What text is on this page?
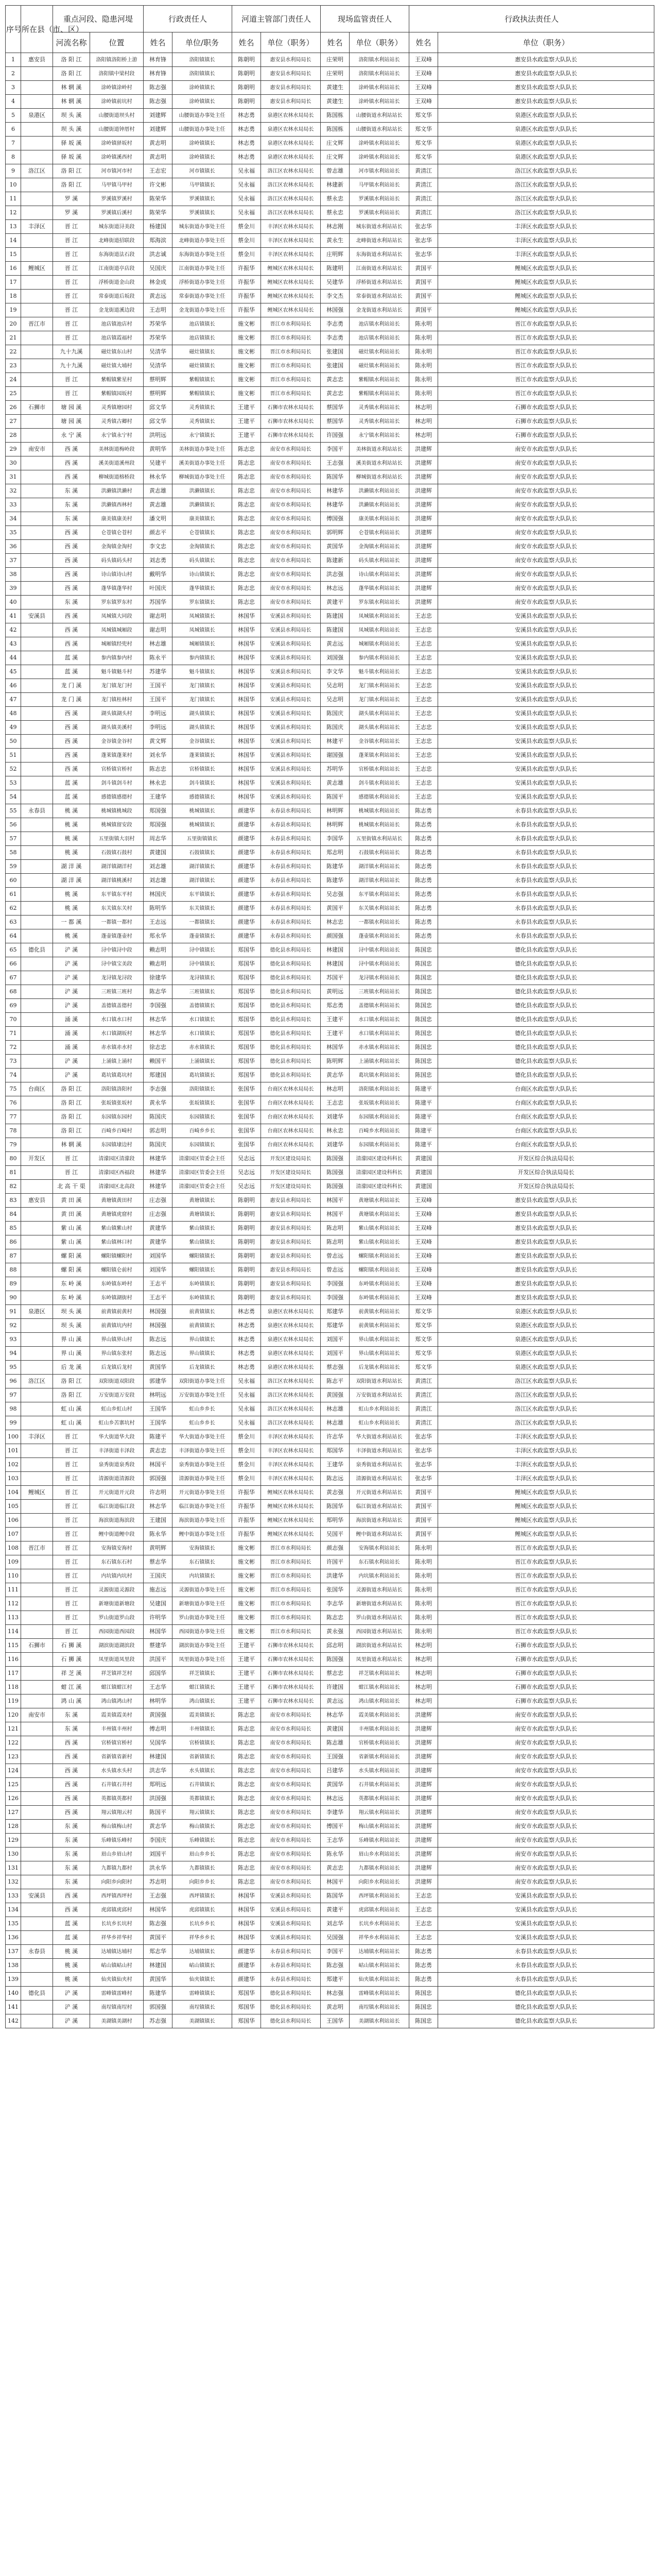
序号	所在县（市、区）	重点河段、隐患河堤		行政责任人		河道主管部门责任人		现场监管责任人		行政执法责任人	
		河流名称	位置	姓名	单位/职务	姓名	单位（职务）	姓名	单位（职务）	姓名	单位（职务）
1	惠安县	洛 阳 江	洛阳镇洛阳桥上游	林育锋	洛阳镇镇长	陈朝明	惠安县水利局局长	庄荣明	洛阳镇水利站站长	王双峰	惠安县水政监察大队队长
2		洛 阳 江	洛阳镇中梁村段	林育锋	洛阳镇镇长	陈朝明	惠安县水利局局长	庄荣明	洛阳镇水利站站长	王双峰	惠安县水政监察大队队长
3		林 辋 溪	涂岭镇涂岭村	陈志强	涂岭镇镇长	陈朝明	惠安县水利局局长	黄建生	涂岭镇水利站站长	王双峰	惠安县水政监察大队队长
4		林 辋 溪	涂岭镇前坑村	陈志强	涂岭镇镇长	陈朝明	惠安县水利局局长	黄建生	涂岭镇水利站站长	王双峰	惠安县水政监察大队队长
5	泉港区	坝 头 溪	山腰街道坝头村	刘建辉	山腰街道办事处主任	林志勇	泉港区农林水局局长	陈国栋	山腰街道水利站站长	郑文华	泉港区水政监察大队队长
6		坝 头 溪	山腰街道钟厝村	刘建辉	山腰街道办事处主任	林志勇	泉港区农林水局局长	陈国栋	山腰街道水利站站长	郑文华	泉港区水政监察大队队长
7		驿 坂 溪	涂岭镇驿坂村	黄志明	涂岭镇镇长	林志勇	泉港区农林水局局长	庄文辉	涂岭镇水利站站长	郑文华	泉港区水政监察大队队长
8		驿 坂 溪	涂岭镇溪西村	黄志明	涂岭镇镇长	林志勇	泉港区农林水局局长	庄文辉	涂岭镇水利站站长	郑文华	泉港区水政监察大队队长
9	洛江区	洛 阳 江	河市镇河市村	王志宏	河市镇镇长	吴永福	洛江区农林水局局长	曾志雄	河市镇水利站站长	黄清江	洛江区水政监察大队队长
10		洛 阳 江	马甲镇马甲村	许文彬	马甲镇镇长	吴永福	洛江区农林水局局长	林建新	马甲镇水利站站长	黄清江	洛江区水政监察大队队长
11		罗 溪	罗溪镇罗溪村	陈荣华	罗溪镇镇长	吴永福	洛江区农林水局局长	蔡永忠	罗溪镇水利站站长	黄清江	洛江区水政监察大队队长
12		罗 溪	罗溪镇后溪村	陈荣华	罗溪镇镇长	吴永福	洛江区农林水局局长	蔡永忠	罗溪镇水利站站长	黄清江	洛江区水政监察大队队长
13	丰泽区	晋 江	城东街道浔美段	杨建国	城东街道办事处主任	蔡金川	丰泽区农林水局局长	林志刚	城东街道水利站站长	张志华	丰泽区水政监察大队队长
14		晋 江	北峰街道招联段	郑海滨	北峰街道办事处主任	蔡金川	丰泽区农林水局局长	黄永生	北峰街道水利站站长	张志华	丰泽区水政监察大队队长
15		晋 江	东海街道法石段	洪志诚	东海街道办事处主任	蔡金川	丰泽区农林水局局长	庄明辉	东海街道水利站站长	张志华	丰泽区水政监察大队队长
16	鲤城区	晋 江	江南街道亭店段	吴国庆	江南街道办事处主任	许振华	鲤城区农林水局局长	陈建明	江南街道水利站站长	黄国平	鲤城区水政监察大队队长
17		晋 江	浮桥街道金山段	林金成	浮桥街道办事处主任	许振华	鲤城区农林水局局长	吴建华	浮桥街道水利站站长	黄国平	鲤城区水政监察大队队长
18		晋 江	常泰街道后坂段	黄志远	常泰街道办事处主任	许振华	鲤城区农林水局局长	李文杰	常泰街道水利站站长	黄国平	鲤城区水政监察大队队长
19		晋 江	金龙街道溪边段	王志明	金龙街道办事处主任	许振华	鲤城区农林水局局长	林国强	金龙街道水利站站长	黄国平	鲤城区水政监察大队队长
20	晋江市	晋 江	池店镇池店村	苏荣华	池店镇镇长	施文彬	晋江市水利局局长	李志勇	池店镇水利站站长	陈永明	晋江市水政监察大队队长
21		晋 江	池店镇霞福村	苏荣华	池店镇镇长	施文彬	晋江市水利局局长	李志勇	池店镇水利站站长	陈永明	晋江市水政监察大队队长
22		九十九溪	磁灶镇东山村	吴清华	磁灶镇镇长	施文彬	晋江市水利局局长	张建国	磁灶镇水利站站长	陈永明	晋江市水政监察大队队长
23		九十九溪	磁灶镇大埔村	吴清华	磁灶镇镇长	施文彬	晋江市水利局局长	张建国	磁灶镇水利站站长	陈永明	晋江市水政监察大队队长
24		晋 江	紫帽镇紫星村	蔡明辉	紫帽镇镇长	施文彬	晋江市水利局局长	黄志忠	紫帽镇水利站站长	陈永明	晋江市水政监察大队队长
25		晋 江	紫帽镇园坂村	蔡明辉	紫帽镇镇长	施文彬	晋江市水利局局长	黄志忠	紫帽镇水利站站长	陈永明	晋江市水政监察大队队长
26	石狮市	塘 园 溪	灵秀镇塘园村	邱文华	灵秀镇镇长	王建平	石狮市农林水局局长	蔡国华	灵秀镇水利站站长	林志明	石狮市水政监察大队队长
27		塘 园 溪	灵秀镇古卿村	邱文华	灵秀镇镇长	王建平	石狮市农林水局局长	蔡国华	灵秀镇水利站站长	林志明	石狮市水政监察大队队长
28		永 宁 溪	永宁镇永宁村	洪明远	永宁镇镇长	王建平	石狮市农林水局局长	许国强	永宁镇水利站站长	林志明	石狮市水政监察大队队长
29	南安市	西 溪	美林街道梅岭段	黄明华	美林街道办事处主任	陈志忠	南安市水利局局长	李国平	美林街道水利站站长	洪建辉	南安市水政监察大队队长
30		西 溪	溪美街道溪州段	吴建平	溪美街道办事处主任	陈志忠	南安市水利局局长	王志强	溪美街道水利站站长	洪建辉	南安市水政监察大队队长
31		西 溪	柳城街道榕桥段	林永华	柳城街道办事处主任	陈志忠	南安市水利局局长	陈国华	柳城街道水利站站长	洪建辉	南安市水政监察大队队长
32		东 溪	洪濑镇洪濑村	黄志雄	洪濑镇镇长	陈志忠	南安市水利局局长	林建华	洪濑镇水利站站长	洪建辉	南安市水政监察大队队长
33		东 溪	洪濑镇西林村	黄志雄	洪濑镇镇长	陈志忠	南安市水利局局长	林建华	洪濑镇水利站站长	洪建辉	南安市水政监察大队队长
34		东 溪	康美镇康美村	潘文明	康美镇镇长	陈志忠	南安市水利局局长	傅国强	康美镇水利站站长	洪建辉	南安市水政监察大队队长
35		西 溪	仑苍镇仑苍村	颜志平	仑苍镇镇长	陈志忠	南安市水利局局长	郭明辉	仑苍镇水利站站长	洪建辉	南安市水政监察大队队长
36		西 溪	金淘镇金淘村	李文忠	金淘镇镇长	陈志忠	南安市水利局局长	黄国华	金淘镇水利站站长	洪建辉	南安市水政监察大队队长
37		西 溪	码头镇码头村	刘志勇	码头镇镇长	陈志忠	南安市水利局局长	陈建新	码头镇水利站站长	洪建辉	南安市水政监察大队队长
38		西 溪	诗山镇诗山村	戴明华	诗山镇镇长	陈志忠	南安市水利局局长	洪志强	诗山镇水利站站长	洪建辉	南安市水政监察大队队长
39		西 溪	蓬华镇蓬华村	叶国庆	蓬华镇镇长	陈志忠	南安市水利局局长	林志远	蓬华镇水利站站长	洪建辉	南安市水政监察大队队长
40		东 溪	罗东镇罗东村	苏国华	罗东镇镇长	陈志忠	南安市水利局局长	黄建平	罗东镇水利站站长	洪建辉	南安市水政监察大队队长
41	安溪县	西 溪	凤城镇大同段	谢志明	凤城镇镇长	林国华	安溪县水利局局长	陈建国	凤城镇水利站站长	王志忠	安溪县水政监察大队队长
42		西 溪	凤城镇城厢段	谢志明	凤城镇镇长	林国华	安溪县水利局局长	陈建国	凤城镇水利站站长	王志忠	安溪县水政监察大队队长
43		西 溪	城厢镇经兜村	林志雄	城厢镇镇长	林国华	安溪县水利局局长	黄志远	城厢镇水利站站长	王志忠	安溪县水政监察大队队长
44		蓝 溪	参内镇参内村	陈永平	参内镇镇长	林国华	安溪县水利局局长	刘国强	参内镇水利站站长	王志忠	安溪县水政监察大队队长
45		蓝 溪	魁斗镇魁斗村	苏建华	魁斗镇镇长	林国华	安溪县水利局局长	李文华	魁斗镇水利站站长	王志忠	安溪县水政监察大队队长
46		龙 门 溪	龙门镇龙门村	王国平	龙门镇镇长	林国华	安溪县水利局局长	吴志明	龙门镇水利站站长	王志忠	安溪县水政监察大队队长
47		龙 门 溪	龙门镇桂林村	王国平	龙门镇镇长	林国华	安溪县水利局局长	吴志明	龙门镇水利站站长	王志忠	安溪县水政监察大队队长
48		西 溪	湖头镇湖头村	李明远	湖头镇镇长	林国华	安溪县水利局局长	陈国庆	湖头镇水利站站长	王志忠	安溪县水政监察大队队长
49		西 溪	湖头镇美溪村	李明远	湖头镇镇长	林国华	安溪县水利局局长	陈国庆	湖头镇水利站站长	王志忠	安溪县水政监察大队队长
50		西 溪	金谷镇金谷村	黄文辉	金谷镇镇长	林国华	安溪县水利局局长	林建平	金谷镇水利站站长	王志忠	安溪县水政监察大队队长
51		西 溪	蓬莱镇蓬莱村	刘永华	蓬莱镇镇长	林国华	安溪县水利局局长	谢国强	蓬莱镇水利站站长	王志忠	安溪县水政监察大队队长
52		西 溪	官桥镇官桥村	陈志忠	官桥镇镇长	林国华	安溪县水利局局长	苏明华	官桥镇水利站站长	王志忠	安溪县水政监察大队队长
53		蓝 溪	剑斗镇剑斗村	林永忠	剑斗镇镇长	林国华	安溪县水利局局长	黄志雄	剑斗镇水利站站长	王志忠	安溪县水政监察大队队长
54		蓝 溪	感德镇感德村	王建华	感德镇镇长	林国华	安溪县水利局局长	陈国平	感德镇水利站站长	王志忠	安溪县水政监察大队队长
55	永春县	桃 溪	桃城镇桃城段	郑国强	桃城镇镇长	颜建华	永春县水利局局长	林明辉	桃城镇水利站站长	陈志勇	永春县水政监察大队队长
56		桃 溪	桃城镇留安段	郑国强	桃城镇镇长	颜建华	永春县水利局局长	林明辉	桃城镇水利站站长	陈志勇	永春县水政监察大队队长
57		桃 溪	五里街镇大羽村	周志华	五里街镇镇长	颜建华	永春县水利局局长	李国华	五里街镇水利站站长	陈志勇	永春县水政监察大队队长
58		桃 溪	石鼓镇石鼓村	黄建国	石鼓镇镇长	颜建华	永春县水利局局长	郑志明	石鼓镇水利站站长	陈志勇	永春县水政监察大队队长
59		湖 洋 溪	湖洋镇湖洋村	刘志雄	湖洋镇镇长	颜建华	永春县水利局局长	陈建华	湖洋镇水利站站长	陈志勇	永春县水政监察大队队长
60		湖 洋 溪	湖洋镇桃溪村	刘志雄	湖洋镇镇长	颜建华	永春县水利局局长	陈建华	湖洋镇水利站站长	陈志勇	永春县水政监察大队队长
61		桃 溪	东平镇东平村	林国庆	东平镇镇长	颜建华	永春县水利局局长	吴志强	东平镇水利站站长	陈志勇	永春县水政监察大队队长
62		桃 溪	东关镇东关村	陈明华	东关镇镇长	颜建华	永春县水利局局长	黄国平	东关镇水利站站长	陈志勇	永春县水政监察大队队长
63		一 都 溪	一都镇一都村	王志远	一都镇镇长	颜建华	永春县水利局局长	林志忠	一都镇水利站站长	陈志勇	永春县水政监察大队队长
64		桃 溪	蓬壶镇蓬壶村	郑永华	蓬壶镇镇长	颜建华	永春县水利局局长	颜国强	蓬壶镇水利站站长	陈志勇	永春县水政监察大队队长
65	德化县	浐 溪	浔中镇浔中段	赖志明	浔中镇镇长	郑国华	德化县水利局局长	林建国	浔中镇水利站站长	陈国忠	德化县水政监察大队队长
66		浐 溪	浔中镇宝美段	赖志明	浔中镇镇长	郑国华	德化县水利局局长	林建国	浔中镇水利站站长	陈国忠	德化县水政监察大队队长
67		浐 溪	龙浔镇龙浔段	徐建华	龙浔镇镇长	郑国华	德化县水利局局长	苏国平	龙浔镇水利站站长	陈国忠	德化县水政监察大队队长
68		浐 溪	三班镇三班村	陈志华	三班镇镇长	郑国华	德化县水利局局长	黄明远	三班镇水利站站长	陈国忠	德化县水政监察大队队长
69		浐 溪	盖德镇盖德村	李国强	盖德镇镇长	郑国华	德化县水利局局长	郑志勇	盖德镇水利站站长	陈国忠	德化县水政监察大队队长
70		涌 溪	水口镇水口村	林志华	水口镇镇长	郑国华	德化县水利局局长	王建平	水口镇水利站站长	陈国忠	德化县水政监察大队队长
71		涌 溪	水口镇湖坂村	林志华	水口镇镇长	郑国华	德化县水利局局长	王建平	水口镇水利站站长	陈国忠	德化县水政监察大队队长
72		涌 溪	赤水镇赤水村	徐志忠	赤水镇镇长	郑国华	德化县水利局局长	林国华	赤水镇水利站站长	陈国忠	德化县水政监察大队队长
73		浐 溪	上涌镇上涌村	赖国平	上涌镇镇长	郑国华	德化县水利局局长	陈明辉	上涌镇水利站站长	陈国忠	德化县水政监察大队队长
74		浐 溪	葛坑镇葛坑村	郑建国	葛坑镇镇长	郑国华	德化县水利局局长	黄志华	葛坑镇水利站站长	陈国忠	德化县水政监察大队队长
75	台商区	洛 阳 江	洛阳镇洛阳村	李志强	洛阳镇镇长	张国华	台商区农林水局局长	林志明	洛阳镇水利站站长	陈建平	台商区水政监察大队队长
76		洛 阳 江	张坂镇张坂村	黄永华	张坂镇镇长	张国华	台商区农林水局局长	王志忠	张坂镇水利站站长	陈建平	台商区水政监察大队队长
77		洛 阳 江	东园镇东园村	陈国庆	东园镇镇长	张国华	台商区农林水局局长	刘建华	东园镇水利站站长	陈建平	台商区水政监察大队队长
78		洛 阳 江	百崎乡百崎村	郭志明	百崎乡乡长	张国华	台商区农林水局局长	林永忠	百崎乡水利站站长	陈建平	台商区水政监察大队队长
79		林 辋 溪	东园镇埭边村	陈国庆	东园镇镇长	张国华	台商区农林水局局长	刘建华	东园镇水利站站长	陈建平	台商区水政监察大队队长
80	开发区	晋 江	清濛园区清濛段	林建华	清濛园区管委会主任	吴志远	开发区建设局局长	陈国强	清濛园区建设科科长	黄建国	开发区综合执法局局长
81		晋 江	清濛园区西福段	林建华	清濛园区管委会主任	吴志远	开发区建设局局长	陈国强	清濛园区建设科科长	黄建国	开发区综合执法局局长
82		北 高 干 渠	清濛园区北高段	林建华	清濛园区管委会主任	吴志远	开发区建设局局长	陈国强	清濛园区建设科科长	黄建国	开发区综合执法局局长
83	惠安县	黄 田 溪	黄塘镇黄田村	庄志强	黄塘镇镇长	陈朝明	惠安县水利局局长	林国平	黄塘镇水利站站长	王双峰	惠安县水政监察大队队长
84		黄 田 溪	黄塘镇虎窟村	庄志强	黄塘镇镇长	陈朝明	惠安县水利局局长	林国平	黄塘镇水利站站长	王双峰	惠安县水政监察大队队长
85		紫 山 溪	紫山镇紫山村	黄建华	紫山镇镇长	陈朝明	惠安县水利局局长	陈志明	紫山镇水利站站长	王双峰	惠安县水政监察大队队长
86		紫 山 溪	紫山镇林口村	黄建华	紫山镇镇长	陈朝明	惠安县水利局局长	陈志明	紫山镇水利站站长	王双峰	惠安县水政监察大队队长
87		螺 阳 溪	螺阳镇螺阳村	刘国华	螺阳镇镇长	陈朝明	惠安县水利局局长	曾志远	螺阳镇水利站站长	王双峰	惠安县水政监察大队队长
88		螺 阳 溪	螺阳镇仑前村	刘国华	螺阳镇镇长	陈朝明	惠安县水利局局长	曾志远	螺阳镇水利站站长	王双峰	惠安县水政监察大队队长
89		东 岭 溪	东岭镇东岭村	王志平	东岭镇镇长	陈朝明	惠安县水利局局长	李国强	东岭镇水利站站长	王双峰	惠安县水政监察大队队长
90		东 岭 溪	东岭镇湖街村	王志平	东岭镇镇长	陈朝明	惠安县水利局局长	李国强	东岭镇水利站站长	王双峰	惠安县水政监察大队队长
91	泉港区	坝 头 溪	前黄镇前黄村	林国强	前黄镇镇长	林志勇	泉港区农林水局局长	郑建华	前黄镇水利站站长	郑文华	泉港区水政监察大队队长
92		坝 头 溪	前黄镇坑内村	林国强	前黄镇镇长	林志勇	泉港区农林水局局长	郑建华	前黄镇水利站站长	郑文华	泉港区水政监察大队队长
93		界 山 溪	界山镇界山村	陈志远	界山镇镇长	林志勇	泉港区农林水局局长	刘国平	界山镇水利站站长	郑文华	泉港区水政监察大队队长
94		界 山 溪	界山镇东张村	陈志远	界山镇镇长	林志勇	泉港区农林水局局长	刘国平	界山镇水利站站长	郑文华	泉港区水政监察大队队长
95		后 龙 溪	后龙镇后龙村	黄国华	后龙镇镇长	林志勇	泉港区农林水局局长	蔡志强	后龙镇水利站站长	郑文华	泉港区水政监察大队队长
96	洛江区	洛 阳 江	双阳街道双阳段	郭建华	双阳街道办事处主任	吴永福	洛江区农林水局局长	陈志平	双阳街道水利站站长	黄清江	洛江区水政监察大队队长
97		洛 阳 江	万安街道万安段	林明远	万安街道办事处主任	吴永福	洛江区农林水局局长	黄国强	万安街道水利站站长	黄清江	洛江区水政监察大队队长
98		虹 山 溪	虹山乡虹山村	王国华	虹山乡乡长	吴永福	洛江区农林水局局长	林志雄	虹山乡水利站站长	黄清江	洛江区水政监察大队队长
99		虹 山 溪	虹山乡苦寨坑村	王国华	虹山乡乡长	吴永福	洛江区农林水局局长	林志雄	虹山乡水利站站长	黄清江	洛江区水政监察大队队长
100	丰泽区	晋 江	华大街道华大段	陈建平	华大街道办事处主任	蔡金川	丰泽区农林水局局长	许志华	华大街道水利站站长	张志华	丰泽区水政监察大队队长
101		晋 江	丰泽街道丰泽段	黄志忠	丰泽街道办事处主任	蔡金川	丰泽区农林水局局长	郑国华	丰泽街道水利站站长	张志华	丰泽区水政监察大队队长
102		晋 江	泉秀街道泉秀段	林国平	泉秀街道办事处主任	蔡金川	丰泽区农林水局局长	王建华	泉秀街道水利站站长	张志华	丰泽区水政监察大队队长
103		晋 江	清源街道清源段	郭国强	清源街道办事处主任	蔡金川	丰泽区农林水局局长	陈志远	清源街道水利站站长	张志华	丰泽区水政监察大队队长
104	鲤城区	晋 江	开元街道开元段	许志明	开元街道办事处主任	许振华	鲤城区农林水局局长	黄志强	开元街道水利站站长	黄国平	鲤城区水政监察大队队长
105		晋 江	临江街道临江段	林志华	临江街道办事处主任	许振华	鲤城区农林水局局长	陈国华	临江街道水利站站长	黄国平	鲤城区水政监察大队队长
106		晋 江	海滨街道海滨段	王建国	海滨街道办事处主任	许振华	鲤城区农林水局局长	郑明华	海滨街道水利站站长	黄国平	鲤城区水政监察大队队长
107		晋 江	鲤中街道鲤中段	陈永华	鲤中街道办事处主任	许振华	鲤城区农林水局局长	吴国平	鲤中街道水利站站长	黄国平	鲤城区水政监察大队队长
108	晋江市	晋 江	安海镇安海村	黄明辉	安海镇镇长	施文彬	晋江市水利局局长	颜志强	安海镇水利站站长	陈永明	晋江市水政监察大队队长
109		晋 江	东石镇东石村	蔡志华	东石镇镇长	施文彬	晋江市水利局局长	许国平	东石镇水利站站长	陈永明	晋江市水政监察大队队长
110		晋 江	内坑镇内坑村	王国庆	内坑镇镇长	施文彬	晋江市水利局局长	洪建华	内坑镇水利站站长	陈永明	晋江市水政监察大队队长
111		晋 江	灵源街道灵源段	施志远	灵源街道办事处主任	施文彬	晋江市水利局局长	张国华	灵源街道水利站站长	陈永明	晋江市水政监察大队队长
112		晋 江	新塘街道新塘段	吴建国	新塘街道办事处主任	施文彬	晋江市水利局局长	李志华	新塘街道水利站站长	陈永明	晋江市水政监察大队队长
113		晋 江	罗山街道罗山段	许明华	罗山街道办事处主任	施文彬	晋江市水利局局长	陈志忠	罗山街道水利站站长	陈永明	晋江市水政监察大队队长
114		晋 江	西园街道西园段	林国华	西园街道办事处主任	施文彬	晋江市水利局局长	黄永强	西园街道水利站站长	陈永明	晋江市水政监察大队队长
115	石狮市	石 狮 溪	湖滨街道湖滨段	蔡建华	湖滨街道办事处主任	王建平	石狮市农林水局局长	邱志明	湖滨街道水利站站长	林志明	石狮市水政监察大队队长
116		石 狮 溪	凤里街道凤里段	洪国平	凤里街道办事处主任	王建平	石狮市农林水局局长	陈国强	凤里街道水利站站长	林志明	石狮市水政监察大队队长
117		祥 芝 溪	祥芝镇祥芝村	邱国华	祥芝镇镇长	王建平	石狮市农林水局局长	蔡志忠	祥芝镇水利站站长	林志明	石狮市水政监察大队队长
118		蚶 江 溪	蚶江镇蚶江村	王志华	蚶江镇镇长	王建平	石狮市农林水局局长	许建国	蚶江镇水利站站长	林志明	石狮市水政监察大队队长
119		鸿 山 溪	鸿山镇鸿山村	林明华	鸿山镇镇长	王建平	石狮市农林水局局长	黄志远	鸿山镇水利站站长	林志明	石狮市水政监察大队队长
120	南安市	东 溪	霞美镇霞美村	黄国强	霞美镇镇长	陈志忠	南安市水利局局长	林志华	霞美镇水利站站长	洪建辉	南安市水政监察大队队长
121		东 溪	丰州镇丰州村	傅志明	丰州镇镇长	陈志忠	南安市水利局局长	黄建国	丰州镇水利站站长	洪建辉	南安市水政监察大队队长
122		西 溪	官桥镇官桥村	吴国华	官桥镇镇长	陈志忠	南安市水利局局长	陈志雄	官桥镇水利站站长	洪建辉	南安市水政监察大队队长
123		西 溪	省新镇省新村	林建国	省新镇镇长	陈志忠	南安市水利局局长	王国强	省新镇水利站站长	洪建辉	南安市水政监察大队队长
124		西 溪	水头镇水头村	洪志华	水头镇镇长	陈志忠	南安市水利局局长	吕建华	水头镇水利站站长	洪建辉	南安市水政监察大队队长
125		西 溪	石井镇石井村	郑明远	石井镇镇长	陈志忠	南安市水利局局长	黄国华	石井镇水利站站长	洪建辉	南安市水政监察大队队长
126		西 溪	英都镇英都村	洪国强	英都镇镇长	陈志忠	南安市水利局局长	林志远	英都镇水利站站长	洪建辉	南安市水政监察大队队长
127		西 溪	翔云镇翔云村	陈国平	翔云镇镇长	陈志忠	南安市水利局局长	李建华	翔云镇水利站站长	洪建辉	南安市水政监察大队队长
128		东 溪	梅山镇梅山村	黄志华	梅山镇镇长	陈志忠	南安市水利局局长	傅国平	梅山镇水利站站长	洪建辉	南安市水政监察大队队长
129		东 溪	乐峰镇乐峰村	李国庆	乐峰镇镇长	陈志忠	南安市水利局局长	王志华	乐峰镇水利站站长	洪建辉	南安市水政监察大队队长
130		东 溪	眉山乡眉山村	刘国平	眉山乡乡长	陈志忠	南安市水利局局长	陈永华	眉山乡水利站站长	洪建辉	南安市水政监察大队队长
131		东 溪	九都镇九都村	洪永华	九都镇镇长	陈志忠	南安市水利局局长	黄志忠	九都镇水利站站长	洪建辉	南安市水政监察大队队长
132		东 溪	向阳乡向阳村	苏志明	向阳乡乡长	陈志忠	南安市水利局局长	林国平	向阳乡水利站站长	洪建辉	南安市水政监察大队队长
133	安溪县	西 溪	西坪镇西坪村	王志强	西坪镇镇长	林国华	安溪县水利局局长	陈国华	西坪镇水利站站长	王志忠	安溪县水政监察大队队长
134		西 溪	虎邱镇虎邱村	林国华	虎邱镇镇长	林国华	安溪县水利局局长	黄建平	虎邱镇水利站站长	王志忠	安溪县水政监察大队队长
135		蓝 溪	长坑乡长坑村	陈志强	长坑乡乡长	林国华	安溪县水利局局长	刘志华	长坑乡水利站站长	王志忠	安溪县水政监察大队队长
136		蓝 溪	祥华乡祥华村	黄国平	祥华乡乡长	林国华	安溪县水利局局长	吴国强	祥华乡水利站站长	王志忠	安溪县水政监察大队队长
137	永春县	桃 溪	达埔镇达埔村	郑志华	达埔镇镇长	颜建华	永春县水利局局长	李国平	达埔镇水利站站长	陈志勇	永春县水政监察大队队长
138		桃 溪	岵山镇岵山村	林建国	岵山镇镇长	颜建华	永春县水利局局长	陈志强	岵山镇水利站站长	陈志勇	永春县水政监察大队队长
139		桃 溪	仙夹镇仙夹村	黄国华	仙夹镇镇长	颜建华	永春县水利局局长	郑建平	仙夹镇水利站站长	陈志勇	永春县水政监察大队队长
140	德化县	浐 溪	雷峰镇雷峰村	陈建华	雷峰镇镇长	郑国华	德化县水利局局长	林志强	雷峰镇水利站站长	陈国忠	德化县水政监察大队队长
141		浐 溪	南埕镇南埕村	郭国强	南埕镇镇长	郑国华	德化县水利局局长	黄志明	南埕镇水利站站长	陈国忠	德化县水政监察大队队长
142		浐 溪	美湖镇美湖村	苏志强	美湖镇镇长	郑国华	德化县水利局局长	王国华	美湖镇水利站站长	陈国忠	德化县水政监察大队队长
